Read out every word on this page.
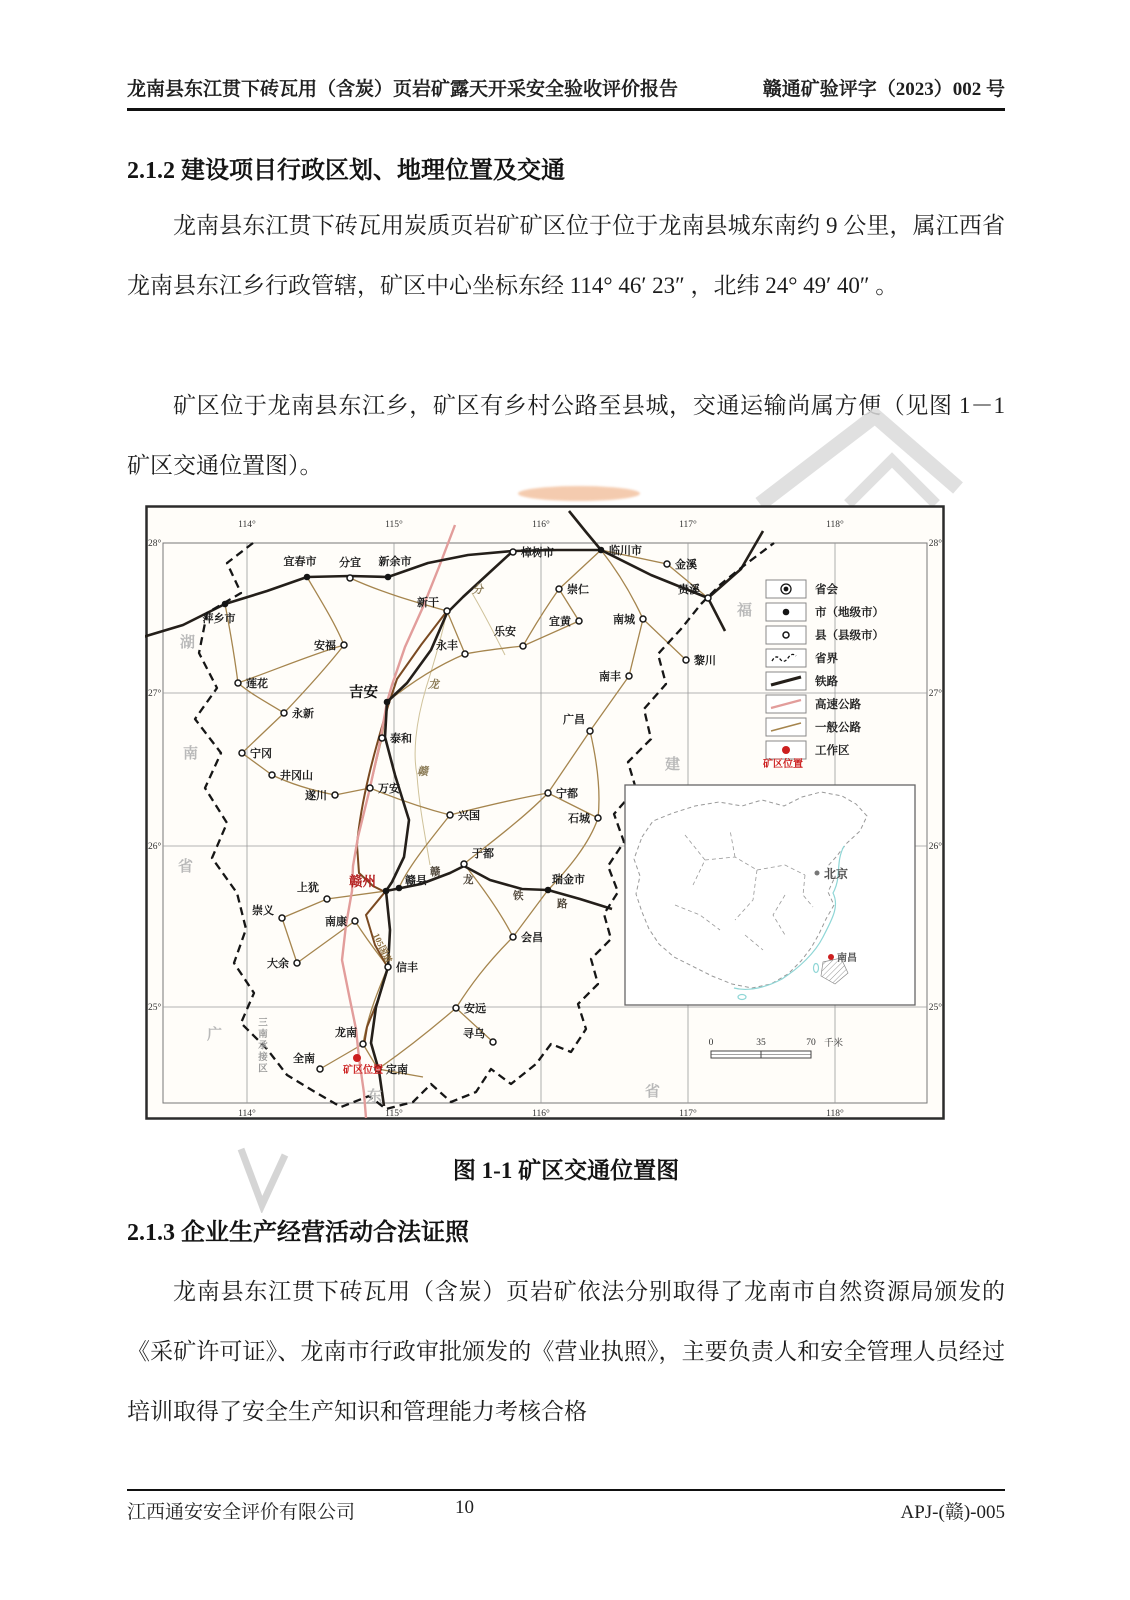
龙南县东江贯下砖瓦用（含炭）页岩矿露天开采安全验收评价报告	赣通矿验评字（2023）002 号
2.1.2 建设项目行政区划、地理位置及交通

龙南县东江贯下砖瓦用炭质页岩矿矿区位于位于龙南县城东南约 9 公里，属江西省龙南县东江乡行政管辖，矿区中心坐标东经 114° 46′ 23″ ，北纬 24° 49′ 40″ 。

矿区位于龙南县东江乡，矿区有乡村公路至县城，交通运输尚属方便（见图 1－1 矿区交通位置图）。

北京
南昌
0	35	70 千米
省会
市（地级市）
县（县级市）
省界
铁路
高速公路
一般公路
工作区
矿区位置
114°
114°
115°
115°
116°
116°
117°
117°
118°
118°
28°	28°
27°	27°
26°	26°
25°	25°
湖
南
省
广
东	省
福
建
分
龙
赣
赣
龙
铁
路
105国道
三南承接区
萍乡市
宜春市 分宜 新余市
樟树市	临川市
金溪
贵溪
崇仁
宜黄
乐安
南城
黎川
南丰
广昌
新干
永丰
安福
莲花
吉安
永新
宁冈
井冈山
泰和
遂川
万安
兴国
宁都
石城
于都
瑞金市
会昌
安远
寻乌
赣州	赣县
上犹
崇义
南康
大余	信丰
龙南
全南
定南
矿区位置
图 1-1 矿区交通位置图
2.1.3 企业生产经营活动合法证照

龙南县东江贯下砖瓦用（含炭）页岩矿依法分别取得了龙南市自然资源局颁发的《采矿许可证》、龙南市行政审批颁发的《营业执照》，主要负责人和安全管理人员经过培训取得了安全生产知识和管理能力考核合格

江西通安安全评价有限公司	10	APJ-(赣)-005
